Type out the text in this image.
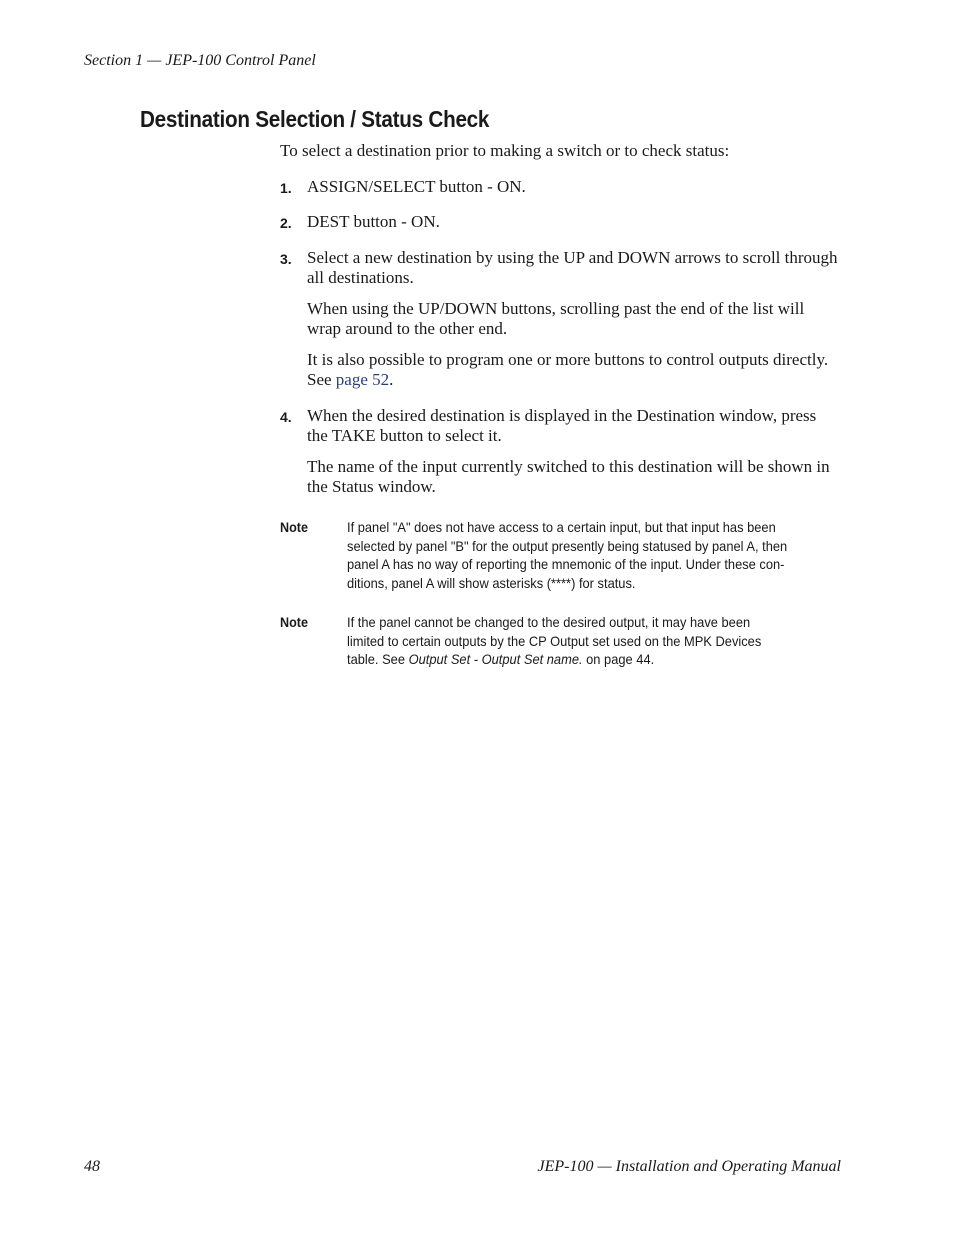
Section 1 — JEP-100 Control Panel
Destination Selection / Status Check

To select a destination prior to making a switch or to check status:

1. ASSIGN/SELECT button - ON.

2. DEST button - ON.

3. Select a new destination by using the UP and DOWN arrows to scroll through all destinations.

When using the UP/DOWN buttons, scrolling past the end of the list will wrap around to the other end.

It is also possible to program one or more buttons to control outputs directly. See page 52.

4. When the desired destination is displayed in the Destination window, press the TAKE button to select it.

The name of the input currently switched to this destination will be shown in the Status window.

Note	If panel "A" does not have access to a certain input, but that input has been selected by panel "B" for the output presently being statused by panel A, then panel A has no way of reporting the mnemonic of the input. Under these con-ditions, panel A will show asterisks (****) for status.
Note	If the panel cannot be changed to the desired output, it may have been limited to certain outputs by the CP Output set used on the MPK Devices table. See Output Set - Output Set name. on page 44.
48	JEP-100 — Installation and Operating Manual
